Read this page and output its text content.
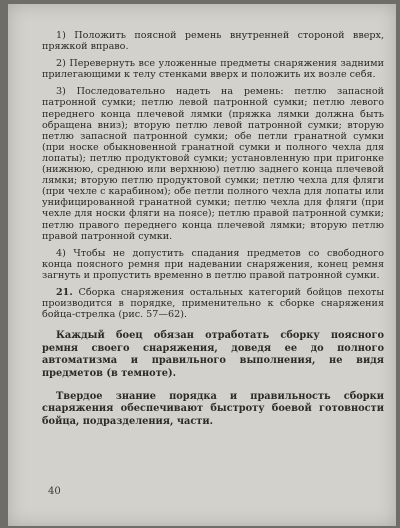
1) Положить поясной ремень внутренней стороной вверх, пряжкой вправо.

2) Перевернуть все уложенные предметы снаряжения задними прилегающими к телу стенками вверх и положить их возле себя.

3) Последовательно надеть на ремень: петлю запасной патронной сумки; петлю левой патронной сумки; петлю левого переднего конца плечевой лямки (пряжка лямки должна быть обращена вниз); вторую петлю левой патронной сумки; вторую петлю запасной патронной сумки; обе петли гранатной сумки (при носке обыкновенной гранатной сумки и полного чехла для лопаты); петлю продуктовой сумки; установленную при пригонке (нижнюю, среднюю или верхнюю) петлю заднего конца плечевой лямки; вторую петлю продуктовой сумки; петлю чехла для фляги (при чехле с карабином); обе петли полного чехла для лопаты или унифицированной гранатной сумки; петлю чехла для фляги (при чехле для носки фляги на поясе); петлю правой патронной сумки; петлю правого переднего конца плечевой лямки; вторую петлю правой патронной сумки.

4) Чтобы не допустить спадания предметов со свободного конца поясного ремня при надевании снаряжения, конец ремня загнуть и пропустить временно в петлю правой патронной сумки.

21. Сборка снаряжения остальных категорий бойцов пехоты производится в порядке, применительно к сборке снаряжения бойца-стрелка (рис. 57—62).

Каждый боец обязан отработать сборку поясного ремня своего снаряжения, доведя ее до полного автоматизма и правильного выполнения, не видя предметов (в темноте).

Твердое знание порядка и правильность сборки снаряжения обеспечивают быстроту боевой готовности бойца, подразделения, части.

40
